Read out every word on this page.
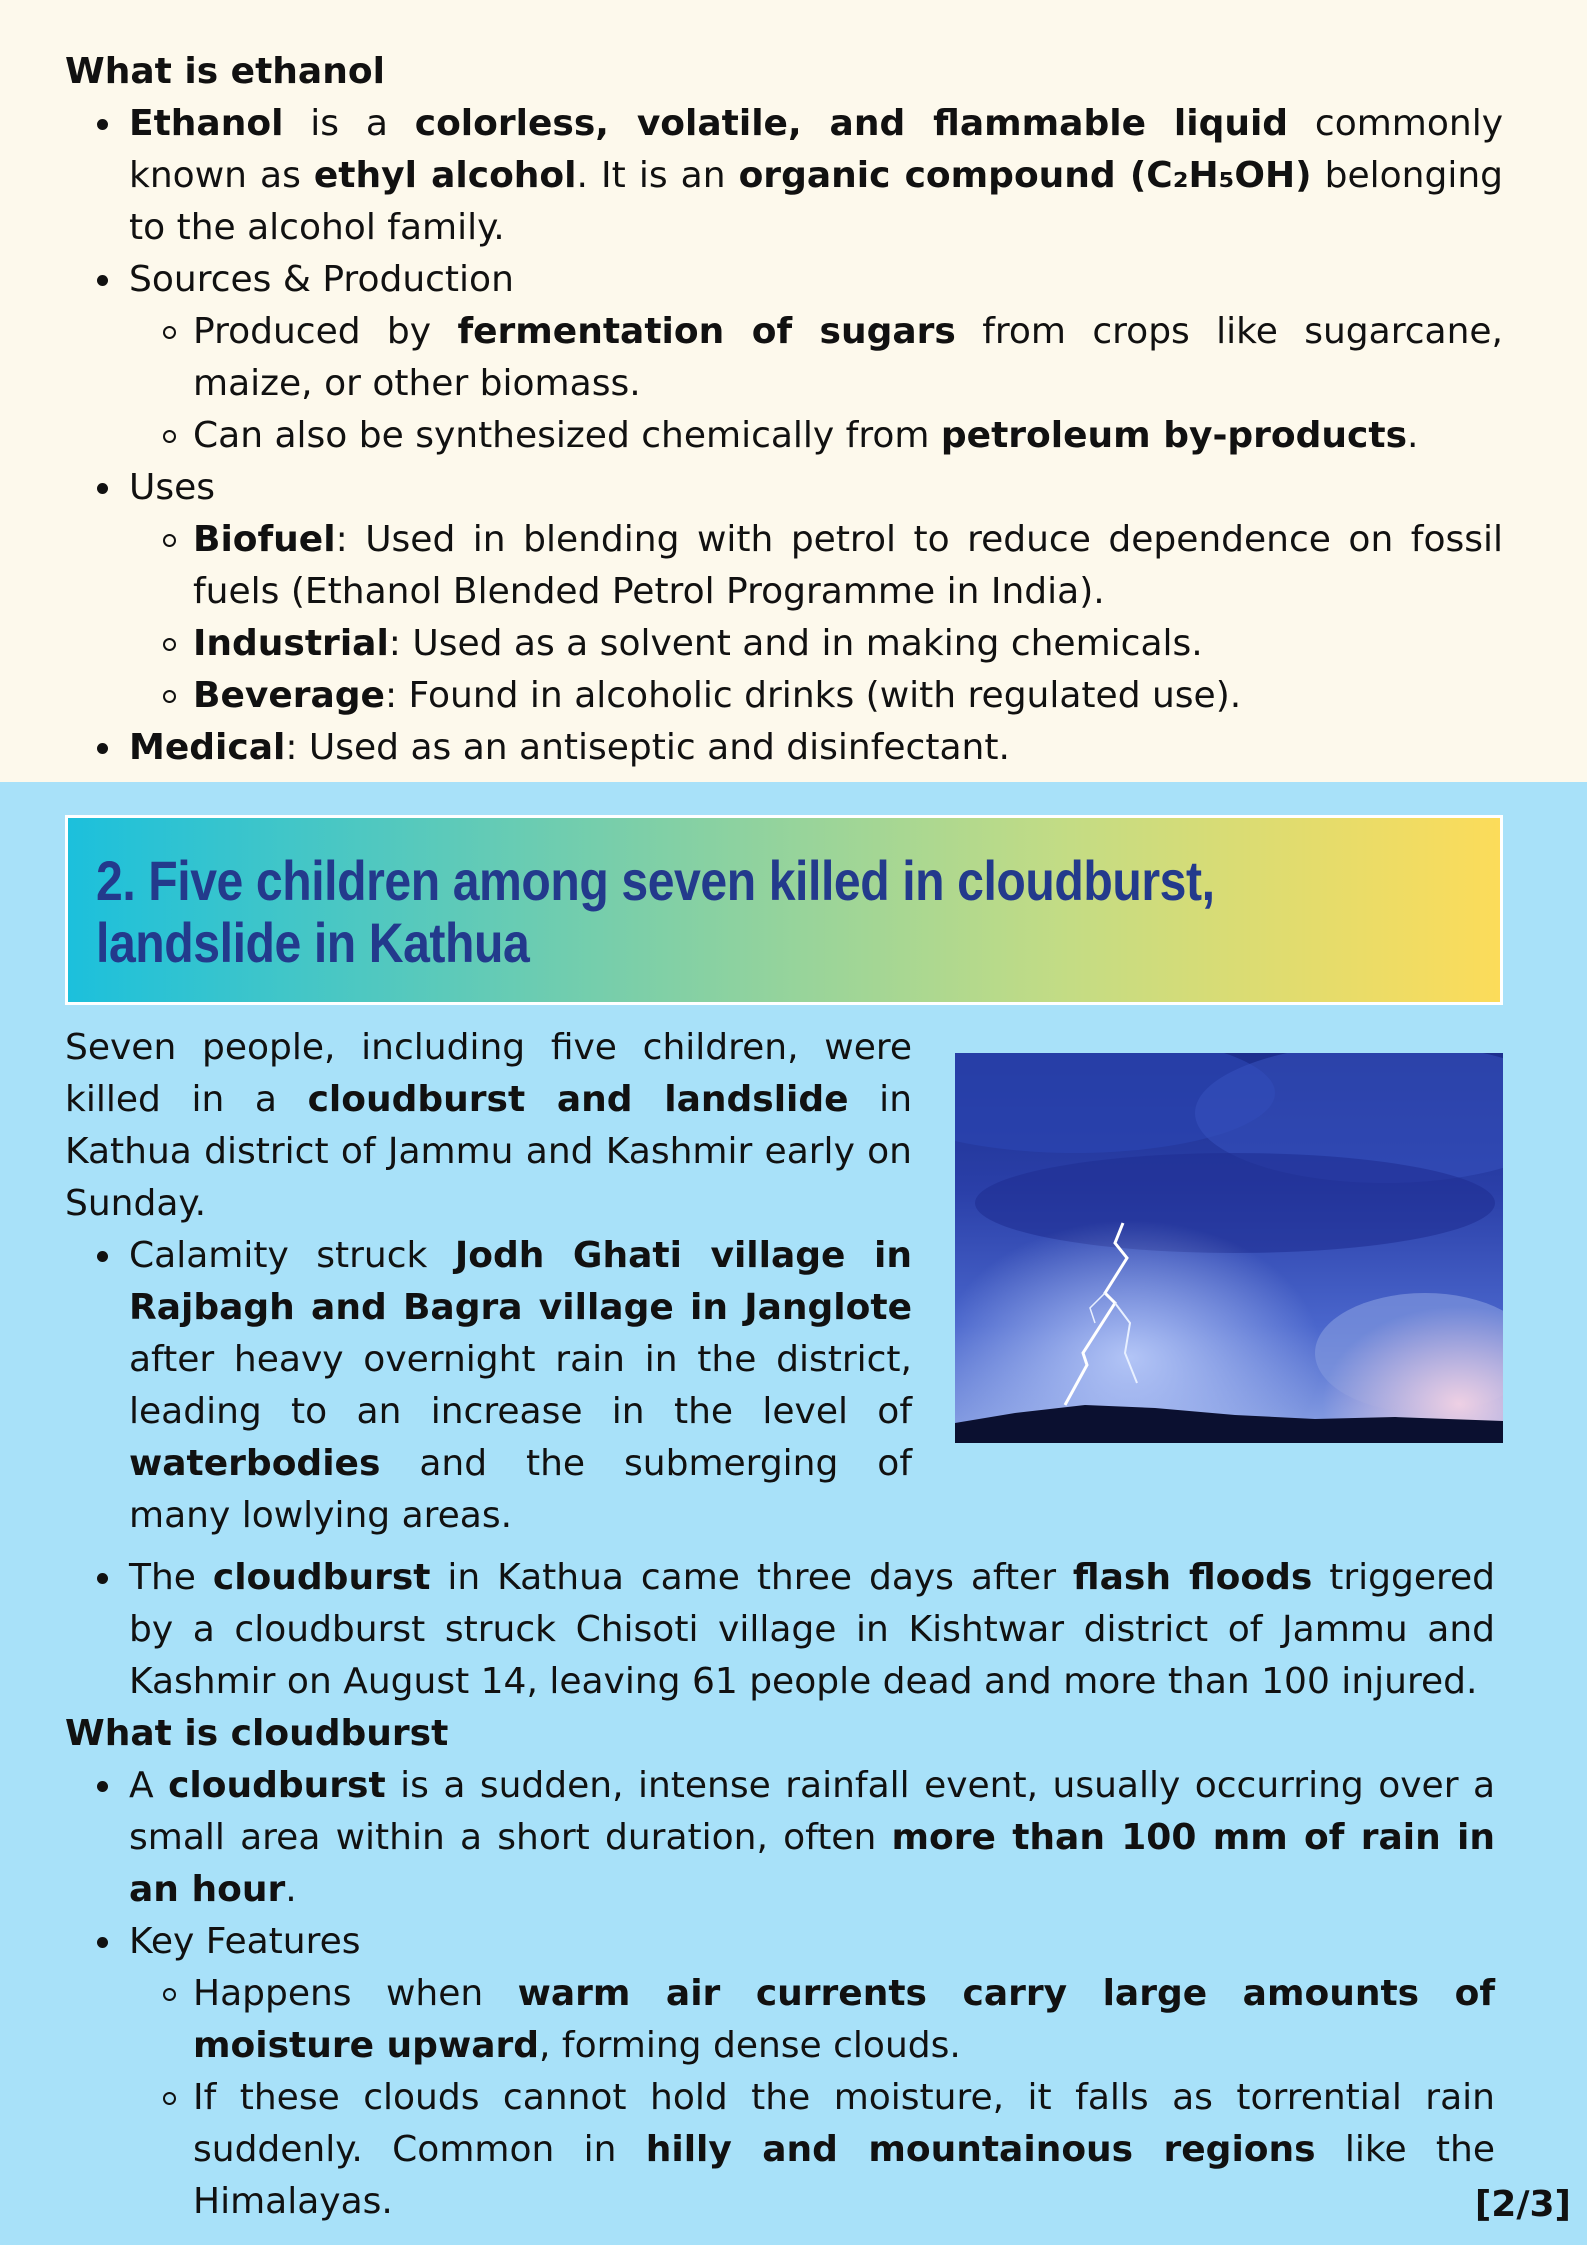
What is ethanol
Ethanol is a colorless, volatile, and flammable liquid commonly known as ethyl alcohol. It is an organic compound (C₂H₅OH) belonging to the alcohol family.
Sources & Production
Produced by fermentation of sugars from crops like sugarcane, maize, or other biomass.
Can also be synthesized chemically from petroleum by-products.
Uses
Biofuel: Used in blending with petrol to reduce dependence on fossil fuels (Ethanol Blended Petrol Programme in India).
Industrial: Used as a solvent and in making chemicals.
Beverage: Found in alcoholic drinks (with regulated use).
Medical: Used as an antiseptic and disinfectant.
2. Five children among seven killed in cloudburst, landslide in Kathua

Seven people, including five children, were killed in a cloudburst and landslide in Kathua district of Jammu and Kashmir early on Sunday.

Calamity struck Jodh Ghati village in Rajbagh and Bagra village in Janglote after heavy overnight rain in the district, leading to an increase in the level of waterbodies and the submerging of many lowlying areas.
The cloudburst in Kathua came three days after flash floods triggered by a cloudburst struck Chisoti village in Kishtwar district of Jammu and Kashmir on August 14, leaving 61 people dead and more than 100 injured.
What is cloudburst
A cloudburst is a sudden, intense rainfall event, usually occurring over a small area within a short duration, often more than 100 mm of rain in an hour.
Key Features
Happens when warm air currents carry large amounts of moisture upward, forming dense clouds.
If these clouds cannot hold the moisture, it falls as torrential rain suddenly. Common in hilly and mountainous regions like the Himalayas.	[2/3]
